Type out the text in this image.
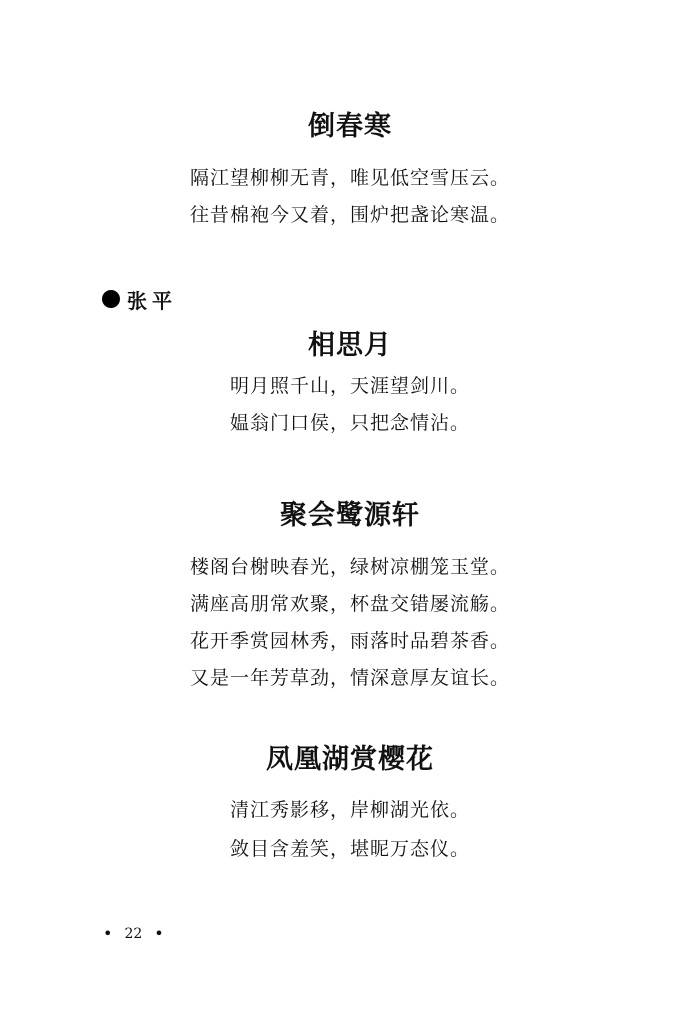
倒春寒
隔江望柳柳无青，唯见低空雪压云。
往昔棉袍今又着，围炉把盏论寒温。
张平
相思月
明月照千山，天涯望剑川。
媪翁门口侯，只把念情沾。
聚会鹭源轩
楼阁台榭映春光，绿树凉棚笼玉堂。
满座高朋常欢聚，杯盘交错屡流觞。
花开季赏园林秀，雨落时品碧茶香。
又是一年芳草劲，情深意厚友谊长。
凤凰湖赏樱花
清江秀影移，岸柳湖光依。
敛目含羞笑，堪昵万态仪。
• 22 •
